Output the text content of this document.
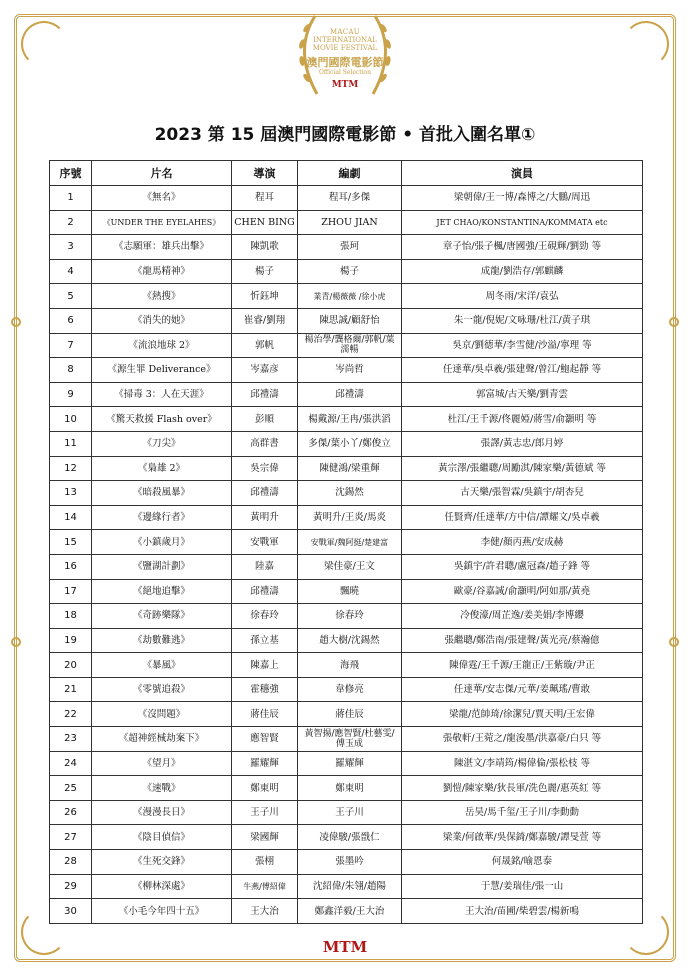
MACAU
INTERNATIONAL
MOVIE FESTIVAL
澳門國際電影節
Official Selection
MTM
2023 第 15 屆澳門國際電影節 • 首批入圍名單①
序號	片名	導演	編劇	演員
1	《無名》	程耳	程耳/多傑	梁朝偉/王一博/森博之/大鵬/周迅
2	《UNDER THE EYELAHES》	CHEN BING	ZHOU JIAN	JET CHAO/KONSTANTINA/KOMMATA etc
3	《志願軍：雄兵出擊》	陳凱歌	張珂	章子怡/張子楓/唐國強/王硯輝/劉勁 等
4	《龍馬精神》	楊子	楊子	成龍/劉浩存/郭麒麟
5	《熱搜》	忻鈺坤	業青/楊薇薇 /徐小虎	周冬雨/宋洋/袁弘
6	《消失的她》	崔睿/劉翔	陳思誠/顧舒怡	朱一龍/倪妮/文咏珊/杜江/黄子琪
7	《流浪地球 2》	郭帆	楊治學/龔格爾/郭帆/葉濡暢	吳京/劉德華/李雪健/沙溢/寧理 等
8	《源生罪 Deliverance》	岑嘉彦	岑尚哲	任達華/吳卓羲/張建聲/曾江/鮑起靜 等
9	《掃毒 3：人在天涯》	邱禮濤	邱禮濤	郭富城/古天樂/劉青雲
10	《驚天救援 Flash over》	彭順	楊戴源/王冉/張洪滔	杜江/王千源/佟麗婭/蔣雪/俞灝明 等
11	《刀尖》	高群書	多傑/葉小丫/鄭俊立	張譯/黃志忠/郎月婷
12	《梟雄 2》	吳宗偉	陳健鴻/梁重輝	黃宗澤/張繼聰/周勵淇/陳家樂/黃德斌 等
13	《暗殺風暴》	邱禮濤	沈錫然	古天樂/張智霖/吳鎮宇/胡杏兒
14	《邊緣行者》	黃明升	黃明升/王炎/馬炎	任賢齊/任達華/方中信/譚耀文/吳卓羲
15	《小鎮歲月》	安戰軍	安戰軍/魏阿挺/楚建富	李健/顏丙燕/安成赫
16	《鹽湖計劃》	陸嘉	梁佳豪/王文	吳鎮宇/許君聰/盧冠森/趙子鋒 等
17	《絕地追擊》	邱禮濤	飄曉	歐豪/谷嘉誠/俞灝明/阿如那/黃堯
18	《奇跡樂隊》	徐春玲	徐春玲	冷俊濠/周芷逸/姜美娟/李博纓
19	《劫數難逃》	孫立基	趙大樹/沈錫然	張繼聰/鄭浩南/張建聲/黃光亮/蔡瀚億
20	《暴風》	陳嘉上	海飛	陳偉霆/王千源/王龍正/王紫璇/尹正
21	《零號追殺》	霍穗強	韋修亮	任達華/安志傑/元華/姜珮瑤/曹敢
22	《沒問題》	蔣佳辰	蔣佳辰	梁龍/范帥琦/徐潔兒/賈天明/王宏偉
23	《超神經械劫案下》	應智賢	黃智揚/應智賢/杜藝雯/傅玉成	張敬軒/王菀之/龍浚墨/洪嘉豪/白只 等
24	《望月》	羅耀輝	羅耀輝	陳湛文/李靖筠/楊偉倫/張松枝 等
25	《速戰》	鄭東明	鄭東明	劉愷/陳家樂/狄長軍/洗色麗/惠英紅 等
26	《漫漫長日》	王子川	王子川	岳昊/馬千玺/王子川/李動動
27	《陰目偵信》	梁國輝	凌偉駿/張戩仁	梁業/何啟華/吳保錡/鄭嘉駿/譚旻萱 等
28	《生死交鋒》	張栩	張墨吟	何晟銘/喻恩泰
29	《柳林深處》	牛燕/傅紹偉	沈紹偉/朱翎/趙陽	于慧/姜瑞佳/張一山
30	《小毛今年四十五》	王大治	鄭鑫洋毅/王大治	王大治/苗圃/柴碧雲/楊新鳴
MTM
